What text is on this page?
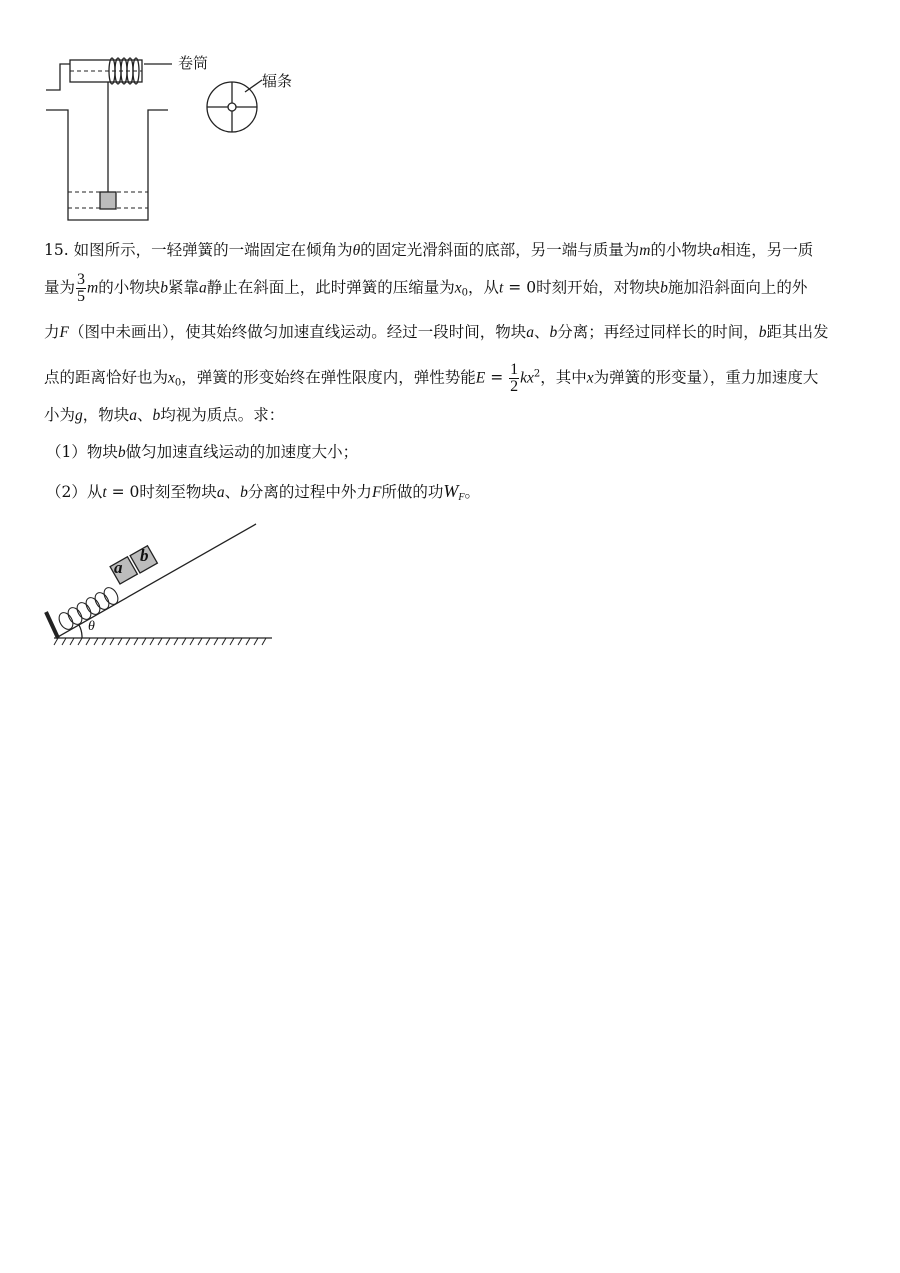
卷筒
辐条
15. 如图所示，一轻弹簧的一端固定在倾角为θ的固定光滑斜面的底部，另一端与质量为m的小物块a相连，另一质
量为 $\frac{3}{5}$ m的小物块b紧靠a静止在斜面上，此时弹簧的压缩量为$x_0$，从t = 0时刻开始，对物块b施加沿斜面向上的外
力F（图中未画出），使其始终做匀加速直线运动。经过一段时间，物块a、b分离；再经过同样长的时间，b距其出发
点的距离恰好也为$x_0$，弹簧的形变始终在弹性限度内，弹性势能$E = \frac{1}{2} kx^2$，其中x为弹簧的形变量），重力加速度大
小为g，物块a、b均视为质点。求：
（1）物块b做匀加速直线运动的加速度大小；
（2）从t = 0时刻至物块a、b分离的过程中外力F所做的功$W_F$。
a
b
θ
